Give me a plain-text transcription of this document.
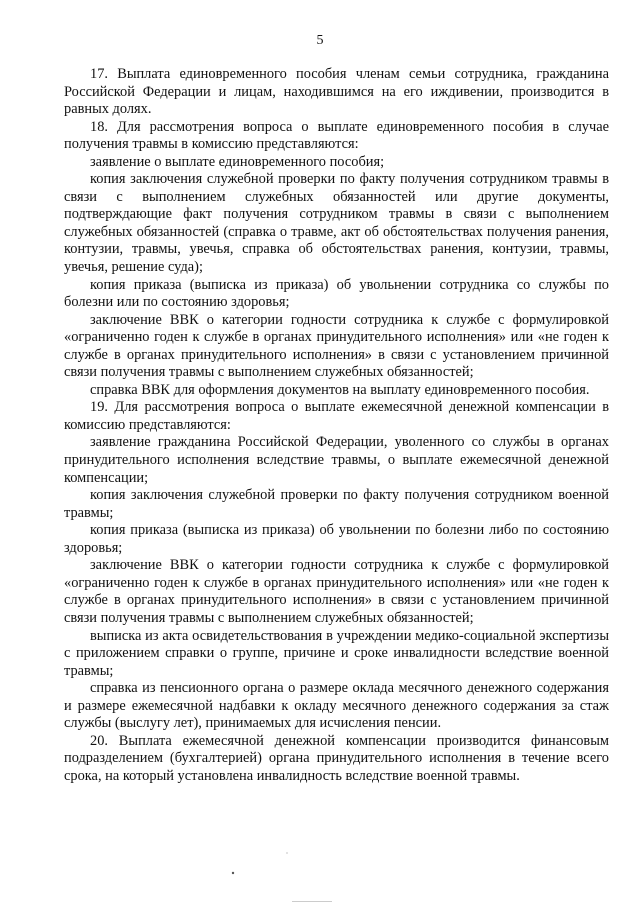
5

17. Выплата единовременного пособия членам семьи сотрудника, гражданина Российской Федерации и лицам, находившимся на его иждивении, производится в равных долях.

18. Для рассмотрения вопроса о выплате единовременного пособия в случае получения травмы в комиссию представляются:

заявление о выплате единовременного пособия;

копия заключения служебной проверки по факту получения сотрудником травмы в связи с выполнением служебных обязанностей или другие документы, подтверждающие факт получения сотрудником травмы в связи с выполнением служебных обязанностей (справка о травме, акт об обстоятельствах получения ранения, контузии, травмы, увечья, справка об обстоятельствах ранения, контузии, травмы, увечья, решение суда);

копия приказа (выписка из приказа) об увольнении сотрудника со службы по болезни или по состоянию здоровья;

заключение ВВК о категории годности сотрудника к службе с формулировкой «ограниченно годен к службе в органах принудительного исполнения» или «не годен к службе в органах принудительного исполнения» в связи с установлением причинной связи получения травмы с выполнением служебных обязанностей;

справка ВВК для оформления документов на выплату единовременного пособия.

19. Для рассмотрения вопроса о выплате ежемесячной денежной компенсации в комиссию представляются:

заявление гражданина Российской Федерации, уволенного со службы в органах принудительного исполнения вследствие травмы, о выплате ежемесячной денежной компенсации;

копия заключения служебной проверки по факту получения сотрудником военной травмы;

копия приказа (выписка из приказа) об увольнении по болезни либо по состоянию здоровья;

заключение ВВК о категории годности сотрудника к службе с формулировкой «ограниченно годен к службе в органах принудительного исполнения» или «не годен к службе в органах принудительного исполнения» в связи с установлением причинной связи получения травмы с выполнением служебных обязанностей;

выписка из акта освидетельствования в учреждении медико-социальной экспертизы с приложением справки о группе, причине и сроке инвалидности вследствие военной травмы;

справка из пенсионного органа о размере оклада месячного денежного содержания и размере ежемесячной надбавки к окладу месячного денежного содержания за стаж службы (выслугу лет), принимаемых для исчисления пенсии.

20. Выплата ежемесячной денежной компенсации производится финансовым подразделением (бухгалтерией) органа принудительного исполнения в течение всего срока, на который установлена инвалидность вследствие военной травмы.
